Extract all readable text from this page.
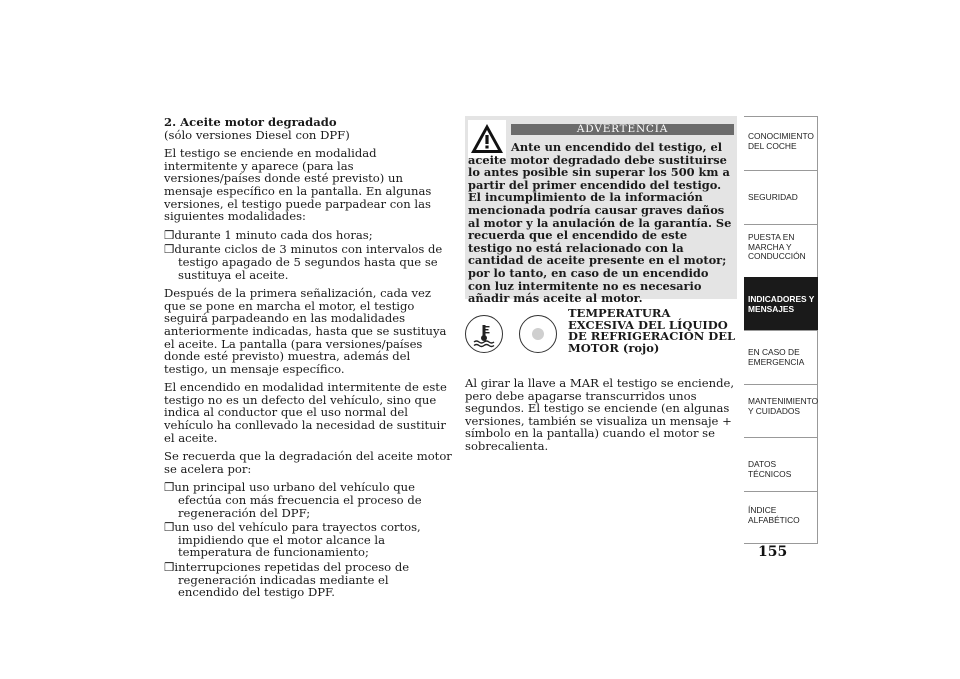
2. Aceite motor degradado

(sólo versiones Diesel con DPF)

El testigo se enciende en modalidad intermitente y aparece (para las versiones/países donde esté previsto) un mensaje específico en la pantalla. En algunas versiones, el testigo puede parpadear con las siguientes modalidades:

❒durante 1 minuto cada dos horas;
❒durante ciclos de 3 minutos con intervalos de testigo apagado de 5 segundos hasta que se sustituya el aceite.

Después de la primera señalización, cada vez que se pone en marcha el motor, el testigo seguirá parpadeando en las modalidades anteriormente indicadas, hasta que se sustituya el aceite. La pantalla (para versiones/países donde esté previsto) muestra, además del testigo, un mensaje específico.

El encendido en modalidad intermitente de este testigo no es un defecto del vehículo, sino que indica al conductor que el uso normal del vehículo ha conllevado la necesidad de sustituir el aceite.

Se recuerda que la degradación del aceite motor se acelera por:

❒un principal uso urbano del vehículo que efectúa con más frecuencia el proceso de regeneración del DPF;
❒un uso del vehículo para trayectos cortos, impidiendo que el motor alcance la temperatura de funcionamiento;
❒interrupciones repetidas del proceso de regeneración indicadas mediante el encendido del testigo DPF.
ADVERTENCIA
Ante un encendido del testigo, el aceite motor degradado debe sustituirse lo antes posible sin superar los 500 km a partir del primer encendido del testigo. El incumplimiento de la información mencionada podría causar graves daños al motor y la anulación de la garantía. Se recuerda que el encendido de este testigo no está relacionado con la cantidad de aceite presente en el motor; por lo tanto, en caso de un encendido con luz intermitente no es necesario añadir más aceite al motor.
TEMPERATURA EXCESIVA DEL LÍQUIDO DE REFRIGERACIÓN DEL MOTOR (rojo)

Al girar la llave a MAR el testigo se enciende, pero debe apagarse transcurridos unos segundos. El testigo se enciende (en algunas versiones, también se visualiza un mensaje + símbolo en la pantalla) cuando el motor se sobrecalienta.

CONOCIMIENTO DEL COCHE
SEGURIDAD
PUESTA EN MARCHA Y CONDUCCIÓN
INDICADORES Y MENSAJES
EN CASO DE EMERGENCIA
MANTENIMIENTO Y CUIDADOS
DATOS TÉCNICOS
ÍNDICE ALFABÉTICO
155
